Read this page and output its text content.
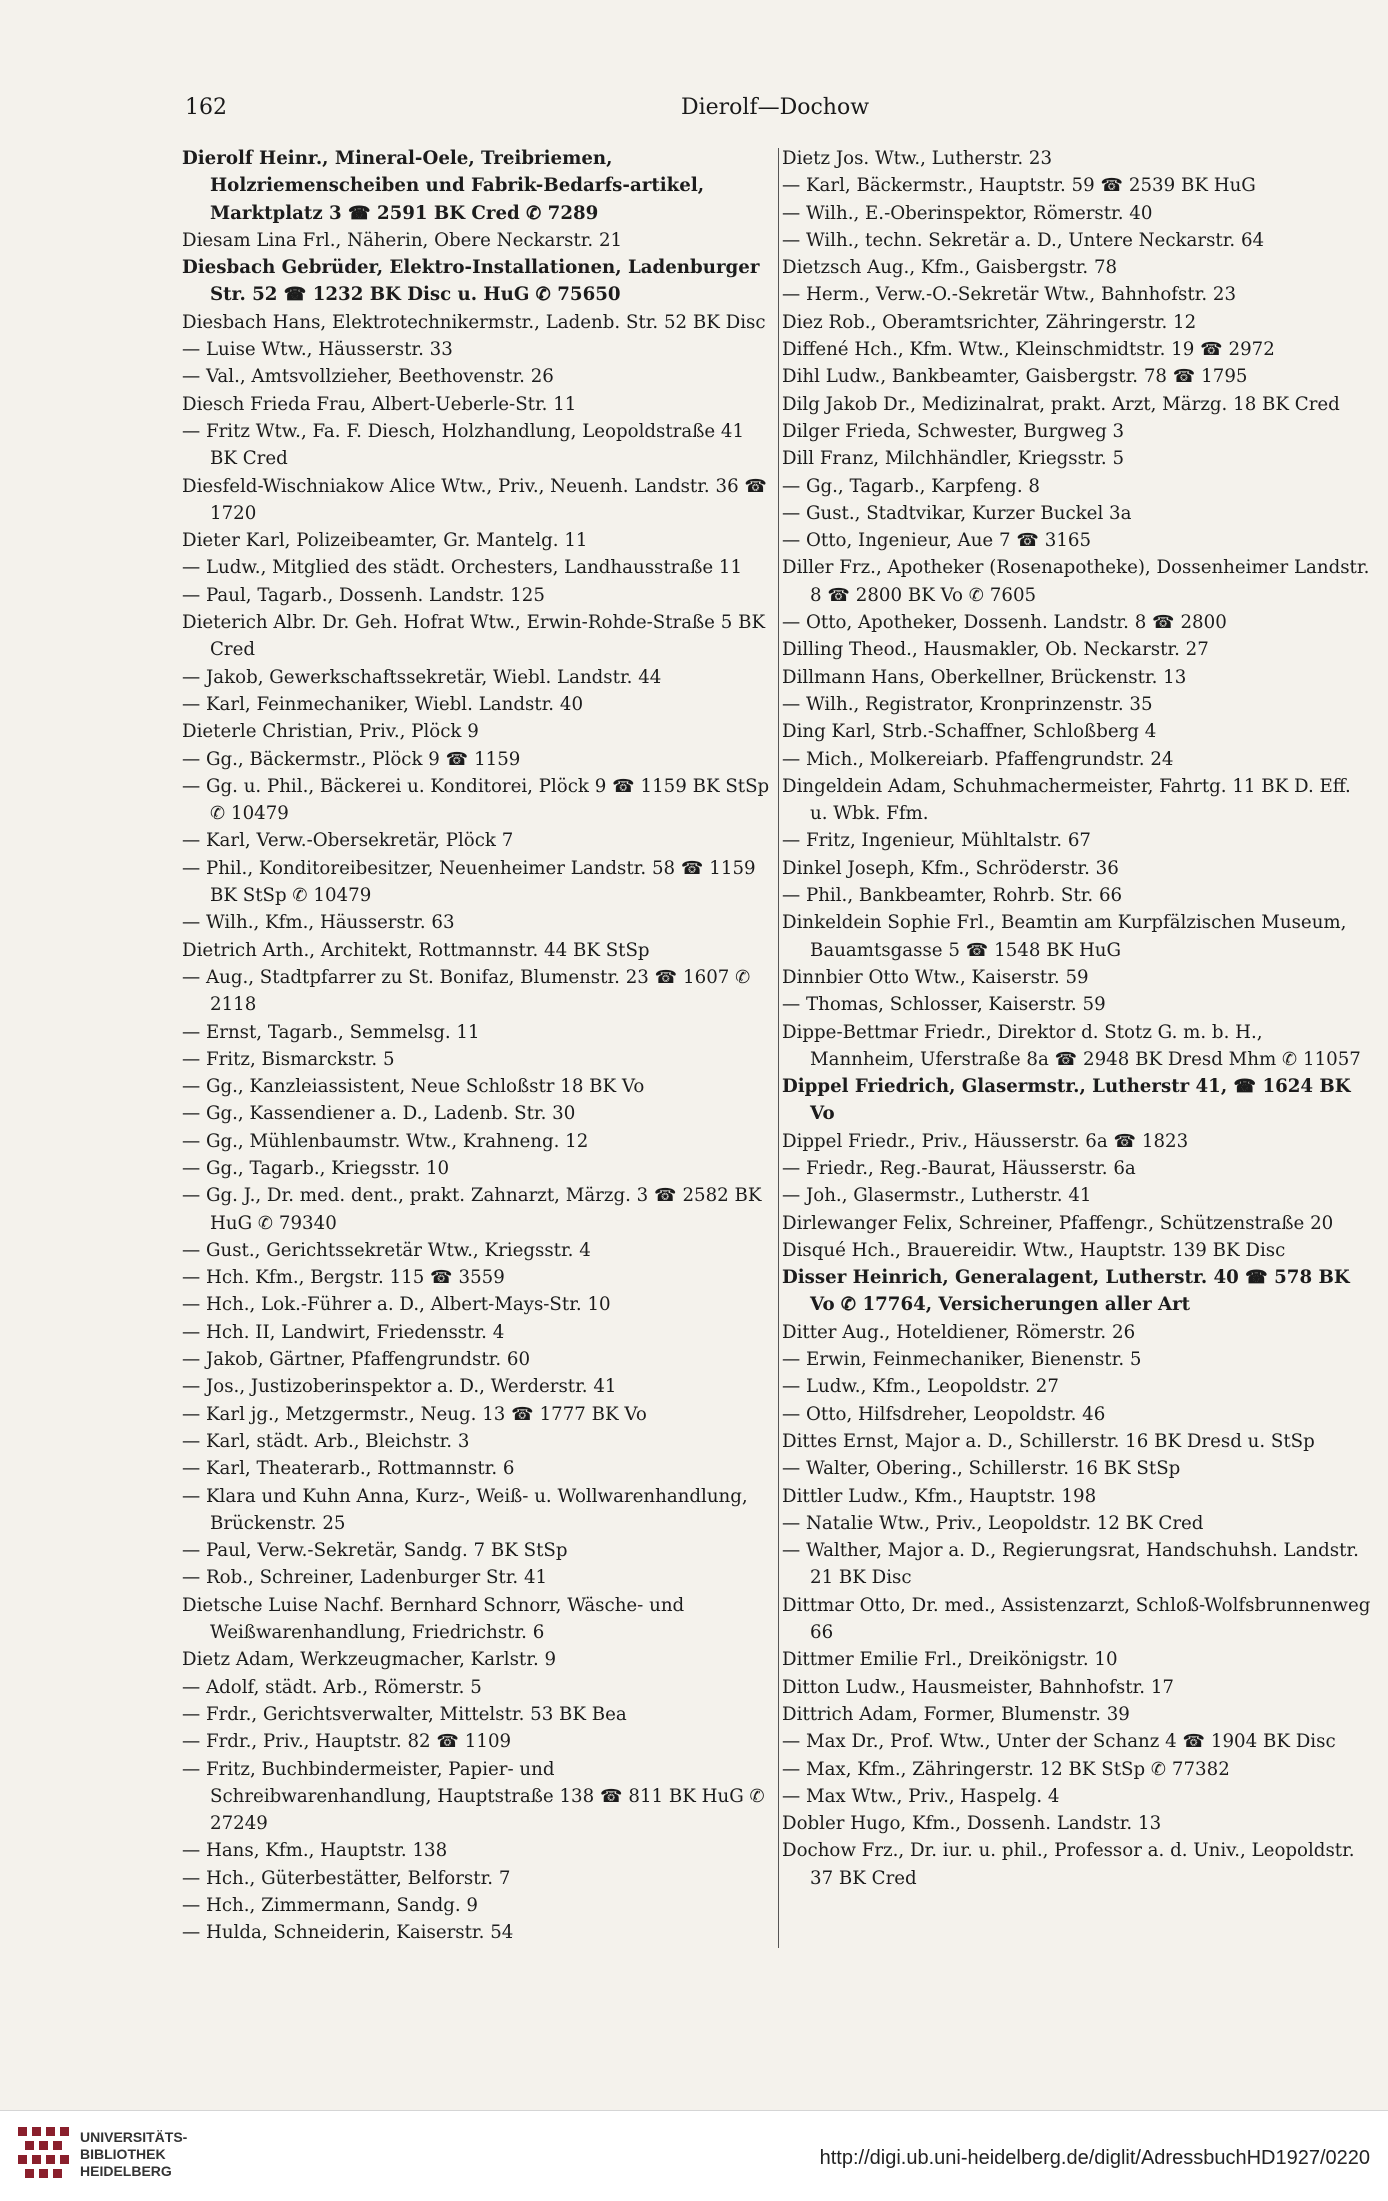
162	Dierolf—Dochow
Dierolf Heinr., Mineral-Oele, Treibriemen, Holzriemenscheiben und Fabrik-Bedarfs-artikel, Marktplatz 3 ☎ 2591 BK Cred ✆ 7289
Diesam Lina Frl., Näherin, Obere Neckarstr. 21
Diesbach Gebrüder, Elektro-Installationen, Ladenburger Str. 52 ☎ 1232 BK Disc u. HuG ✆ 75650
Diesbach Hans, Elektrotechnikermstr., Ladenb. Str. 52 BK Disc
— Luise Wtw., Häusserstr. 33
— Val., Amtsvollzieher, Beethovenstr. 26
Diesch Frieda Frau, Albert-Ueberle-Str. 11
— Fritz Wtw., Fa. F. Diesch, Holzhandlung, Leopoldstraße 41 BK Cred
Diesfeld-Wischniakow Alice Wtw., Priv., Neuenh. Landstr. 36 ☎ 1720
Dieter Karl, Polizeibeamter, Gr. Mantelg. 11
— Ludw., Mitglied des städt. Orchesters, Landhausstraße 11
— Paul, Tagarb., Dossenh. Landstr. 125
Dieterich Albr. Dr. Geh. Hofrat Wtw., Erwin-Rohde-Straße 5 BK Cred
— Jakob, Gewerkschaftssekretär, Wiebl. Landstr. 44
— Karl, Feinmechaniker, Wiebl. Landstr. 40
Dieterle Christian, Priv., Plöck 9
— Gg., Bäckermstr., Plöck 9 ☎ 1159
— Gg. u. Phil., Bäckerei u. Konditorei, Plöck 9 ☎ 1159 BK StSp ✆ 10479
— Karl, Verw.-Obersekretär, Plöck 7
— Phil., Konditoreibesitzer, Neuenheimer Landstr. 58 ☎ 1159 BK StSp ✆ 10479
— Wilh., Kfm., Häusserstr. 63
Dietrich Arth., Architekt, Rottmannstr. 44 BK StSp
— Aug., Stadtpfarrer zu St. Bonifaz, Blumenstr. 23 ☎ 1607 ✆ 2118
— Ernst, Tagarb., Semmelsg. 11
— Fritz, Bismarckstr. 5
— Gg., Kanzleiassistent, Neue Schloßstr 18 BK Vo
— Gg., Kassendiener a. D., Ladenb. Str. 30
— Gg., Mühlenbaumstr. Wtw., Krahneng. 12
— Gg., Tagarb., Kriegsstr. 10
— Gg. J., Dr. med. dent., prakt. Zahnarzt, Märzg. 3 ☎ 2582 BK HuG ✆ 79340
— Gust., Gerichtssekretär Wtw., Kriegsstr. 4
— Hch. Kfm., Bergstr. 115 ☎ 3559
— Hch., Lok.-Führer a. D., Albert-Mays-Str. 10
— Hch. II, Landwirt, Friedensstr. 4
— Jakob, Gärtner, Pfaffengrundstr. 60
— Jos., Justizoberinspektor a. D., Werderstr. 41
— Karl jg., Metzgermstr., Neug. 13 ☎ 1777 BK Vo
— Karl, städt. Arb., Bleichstr. 3
— Karl, Theaterarb., Rottmannstr. 6
— Klara und Kuhn Anna, Kurz-, Weiß- u. Wollwarenhandlung, Brückenstr. 25
— Paul, Verw.-Sekretär, Sandg. 7 BK StSp
— Rob., Schreiner, Ladenburger Str. 41
Dietsche Luise Nachf. Bernhard Schnorr, Wäsche- und Weißwarenhandlung, Friedrichstr. 6
Dietz Adam, Werkzeugmacher, Karlstr. 9
— Adolf, städt. Arb., Römerstr. 5
— Frdr., Gerichtsverwalter, Mittelstr. 53 BK Bea
— Frdr., Priv., Hauptstr. 82 ☎ 1109
— Fritz, Buchbindermeister, Papier- und Schreibwarenhandlung, Hauptstraße 138 ☎ 811 BK HuG ✆ 27249
— Hans, Kfm., Hauptstr. 138
— Hch., Güterbestätter, Belforstr. 7
— Hch., Zimmermann, Sandg. 9
— Hulda, Schneiderin, Kaiserstr. 54
Dietz Jos. Wtw., Lutherstr. 23
— Karl, Bäckermstr., Hauptstr. 59 ☎ 2539 BK HuG
— Wilh., E.-Oberinspektor, Römerstr. 40
— Wilh., techn. Sekretär a. D., Untere Neckarstr. 64
Dietzsch Aug., Kfm., Gaisbergstr. 78
— Herm., Verw.-O.-Sekretär Wtw., Bahnhofstr. 23
Diez Rob., Oberamtsrichter, Zähringerstr. 12
Diffené Hch., Kfm. Wtw., Kleinschmidtstr. 19 ☎ 2972
Dihl Ludw., Bankbeamter, Gaisbergstr. 78 ☎ 1795
Dilg Jakob Dr., Medizinalrat, prakt. Arzt, Märzg. 18 BK Cred
Dilger Frieda, Schwester, Burgweg 3
Dill Franz, Milchhändler, Kriegsstr. 5
— Gg., Tagarb., Karpfeng. 8
— Gust., Stadtvikar, Kurzer Buckel 3a
— Otto, Ingenieur, Aue 7 ☎ 3165
Diller Frz., Apotheker (Rosenapotheke), Dossenheimer Landstr. 8 ☎ 2800 BK Vo ✆ 7605
— Otto, Apotheker, Dossenh. Landstr. 8 ☎ 2800
Dilling Theod., Hausmakler, Ob. Neckarstr. 27
Dillmann Hans, Oberkellner, Brückenstr. 13
— Wilh., Registrator, Kronprinzenstr. 35
Ding Karl, Strb.-Schaffner, Schloßberg 4
— Mich., Molkereiarb. Pfaffengrundstr. 24
Dingeldein Adam, Schuhmachermeister, Fahrtg. 11 BK D. Eff. u. Wbk. Ffm.
— Fritz, Ingenieur, Mühltalstr. 67
Dinkel Joseph, Kfm., Schröderstr. 36
— Phil., Bankbeamter, Rohrb. Str. 66
Dinkeldein Sophie Frl., Beamtin am Kurpfälzischen Museum, Bauamtsgasse 5 ☎ 1548 BK HuG
Dinnbier Otto Wtw., Kaiserstr. 59
— Thomas, Schlosser, Kaiserstr. 59
Dippe-Bettmar Friedr., Direktor d. Stotz G. m. b. H., Mannheim, Uferstraße 8a ☎ 2948 BK Dresd Mhm ✆ 11057
Dippel Friedrich, Glasermstr., Lutherstr 41, ☎ 1624 BK Vo
Dippel Friedr., Priv., Häusserstr. 6a ☎ 1823
— Friedr., Reg.-Baurat, Häusserstr. 6a
— Joh., Glasermstr., Lutherstr. 41
Dirlewanger Felix, Schreiner, Pfaffengr., Schützenstraße 20
Disqué Hch., Brauereidir. Wtw., Hauptstr. 139 BK Disc
Disser Heinrich, Generalagent, Lutherstr. 40 ☎ 578 BK Vo ✆ 17764, Versicherungen aller Art
Ditter Aug., Hoteldiener, Römerstr. 26
— Erwin, Feinmechaniker, Bienenstr. 5
— Ludw., Kfm., Leopoldstr. 27
— Otto, Hilfsdreher, Leopoldstr. 46
Dittes Ernst, Major a. D., Schillerstr. 16 BK Dresd u. StSp
— Walter, Obering., Schillerstr. 16 BK StSp
Dittler Ludw., Kfm., Hauptstr. 198
— Natalie Wtw., Priv., Leopoldstr. 12 BK Cred
— Walther, Major a. D., Regierungsrat, Handschuhsh. Landstr. 21 BK Disc
Dittmar Otto, Dr. med., Assistenzarzt, Schloß-Wolfsbrunnenweg 66
Dittmer Emilie Frl., Dreikönigstr. 10
Ditton Ludw., Hausmeister, Bahnhofstr. 17
Dittrich Adam, Former, Blumenstr. 39
— Max Dr., Prof. Wtw., Unter der Schanz 4 ☎ 1904 BK Disc
— Max, Kfm., Zähringerstr. 12 BK StSp ✆ 77382
— Max Wtw., Priv., Haspelg. 4
Dobler Hugo, Kfm., Dossenh. Landstr. 13
Dochow Frz., Dr. iur. u. phil., Professor a. d. Univ., Leopoldstr. 37 BK Cred
UNIVERSITÄTS-
BIBLIOTHEK
HEIDELBERG
http://digi.ub.uni-heidelberg.de/diglit/AdressbuchHD1927/0220
